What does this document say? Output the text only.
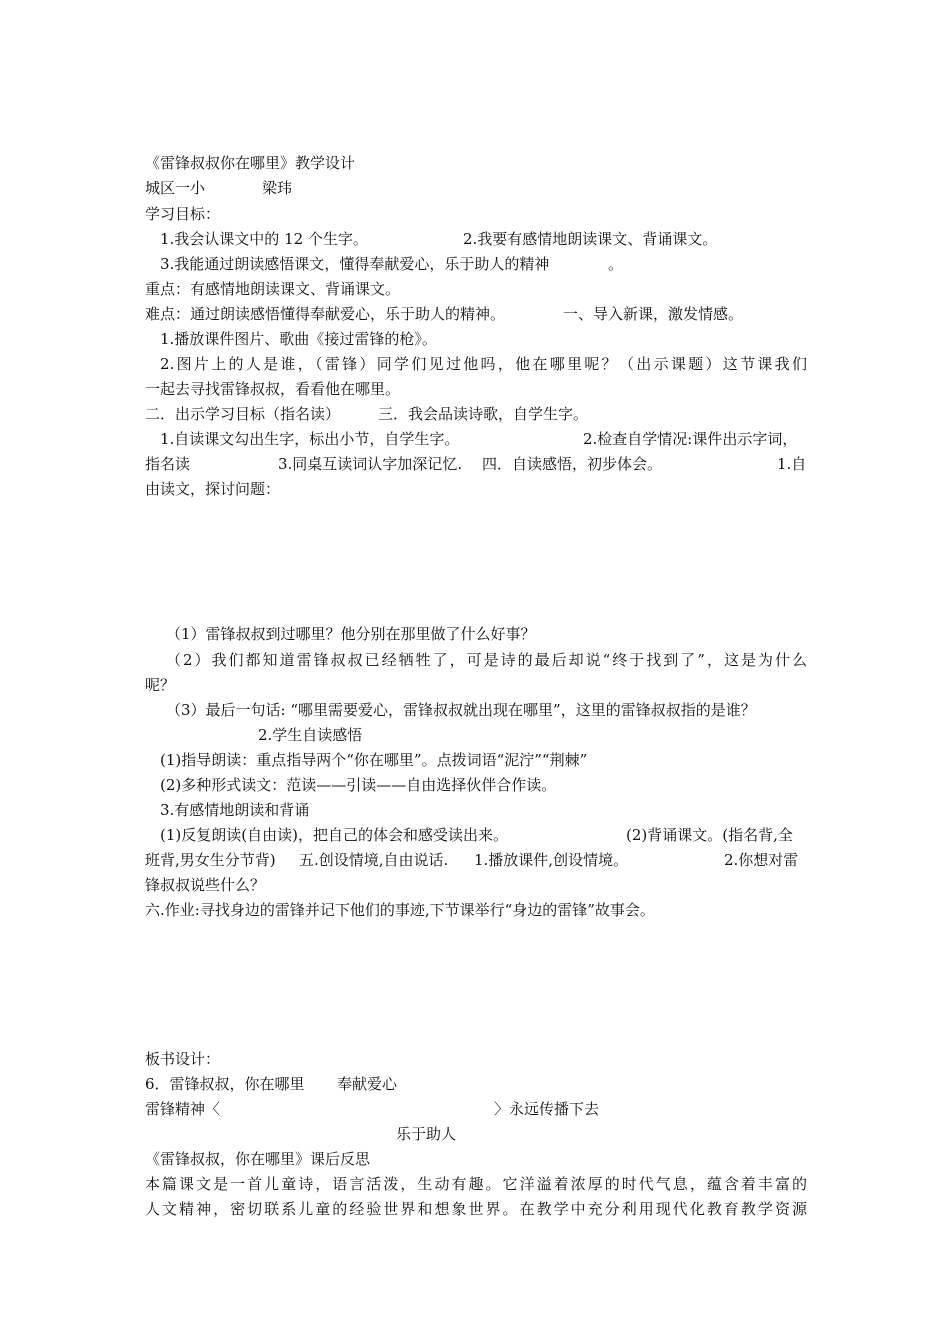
《雷锋叔叔你在哪里》教学设计
城区一小	梁玮
学习目标：
1.我会认课文中的 12 个生字。	2.我要有感情地朗读课文、背诵课文。
3.我能通过朗读感悟课文，懂得奉献爱心，乐于助人的精神	。
重点：有感情地朗读课文、背诵课文。
难点：通过朗读感悟懂得奉献爱心，乐于助人的精神。	一、导入新课，激发情感。
1.播放课件图片、歌曲《接过雷锋的枪》。
2.图片上的人是谁，（雷锋）同学们见过他吗，他在哪里呢？（出示课题）这节课我们
一起去寻找雷锋叔叔，看看他在哪里。
二．出示学习目标（指名读）	三．我会品读诗歌，自学生字。
1.自读课文勾出生字，标出小节，自学生字。	2.检查自学情况:课件出示字词，
指名读	3.同桌互读词认字加深记忆. 四．自读感悟，初步体会。	1.自
由读文，探讨问题：
（1）雷锋叔叔到过哪里？他分别在那里做了什么好事？
（2）我们都知道雷锋叔叔已经牺牲了，可是诗的最后却说“终于找到了”，这是为什么
呢？
（3）最后一句话: “哪里需要爱心，雷锋叔叔就出现在哪里”，这里的雷锋叔叔指的是谁？
2.学生自读感悟
(1)指导朗读：重点指导两个“你在哪里”。点拨词语“泥泞”“荆棘”
(2)多种形式读文：范读——引读——自由选择伙伴合作读。
3.有感情地朗读和背诵
(1)反复朗读(自由读)，把自己的体会和感受读出来。	(2)背诵课文。(指名背,全
班背,男女生分节背) 五.创设情境,自由说话. 1.播放课件,创设情境。	2.你想对雷
锋叔叔说些什么？
六.作业:寻找身边的雷锋并记下他们的事迹,下节课举行“身边的雷锋”故事会。
板书设计：
6．雷锋叔叔，你在哪里 奉献爱心
雷锋精神〈	〉永远传播下去
乐于助人
《雷锋叔叔，你在哪里》课后反思
本篇课文是一首儿童诗，语言活泼，生动有趣。它洋溢着浓厚的时代气息，蕴含着丰富的
人文精神，密切联系儿童的经验世界和想象世界。在教学中充分利用现代化教育教学资源
